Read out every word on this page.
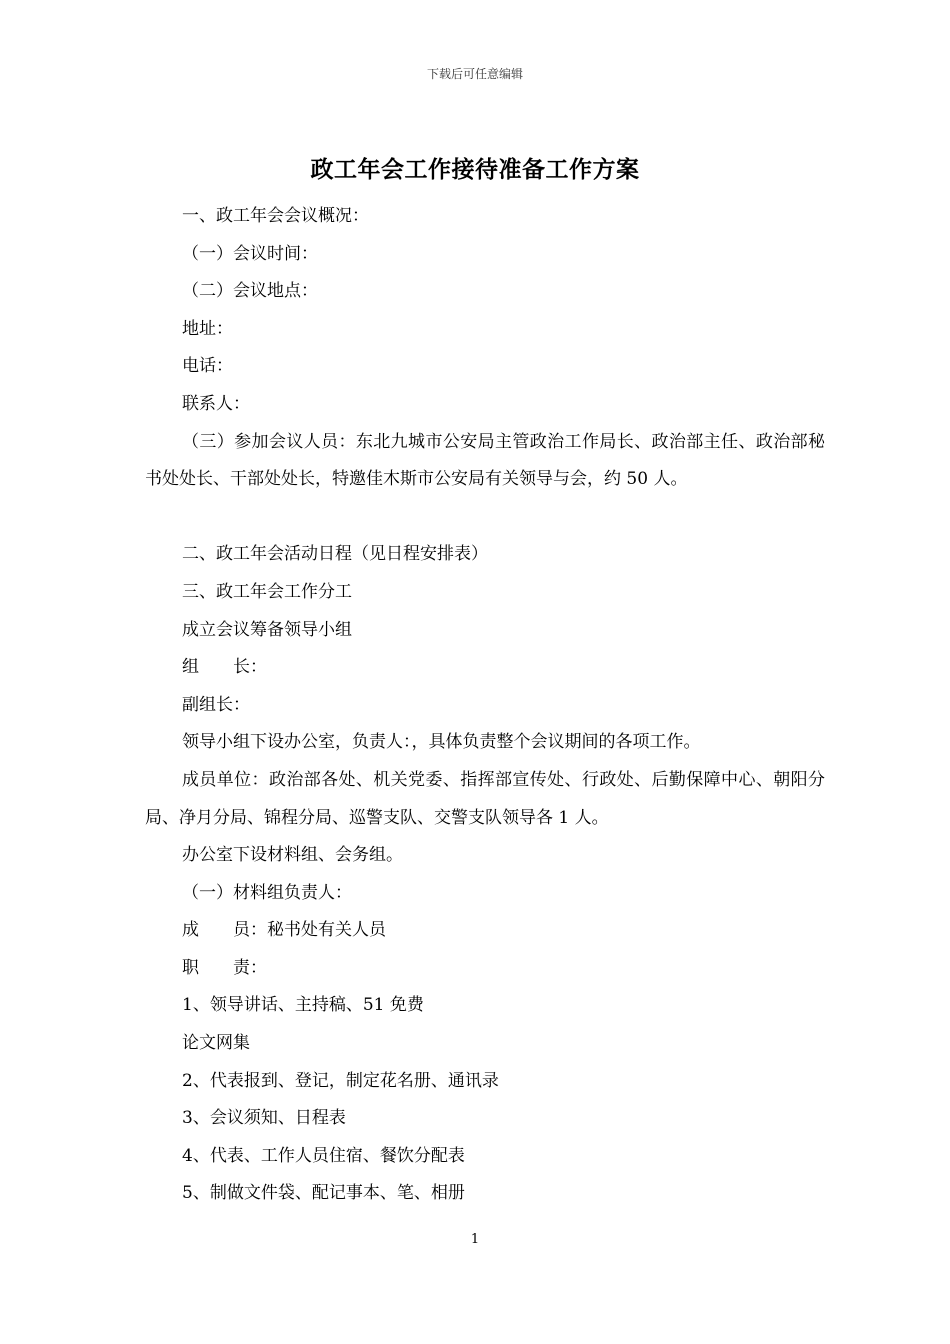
下载后可任意编辑
政工年会工作接待准备工作方案

一、政工年会会议概况：

（一）会议时间：

（二）会议地点：

地址：

电话：

联系人：

（三）参加会议人员：东北九城市公安局主管政治工作局长、政治部主任、政治部秘书处处长、干部处处长，特邀佳木斯市公安局有关领导与会，约 50 人。

二、政工年会活动日程（见日程安排表）

三、政工年会工作分工

成立会议筹备领导小组

组　　长：

副组长：

领导小组下设办公室，负责人：，具体负责整个会议期间的各项工作。

成员单位：政治部各处、机关党委、指挥部宣传处、行政处、后勤保障中心、朝阳分局、净月分局、锦程分局、巡警支队、交警支队领导各 1 人。

办公室下设材料组、会务组。

（一）材料组负责人：

成　　员：秘书处有关人员

职　　责：

1、领导讲话、主持稿、51 免费

论文网集

2、代表报到、登记，制定花名册、通讯录

3、会议须知、日程表

4、代表、工作人员住宿、餐饮分配表

5、制做文件袋、配记事本、笔、相册

1
